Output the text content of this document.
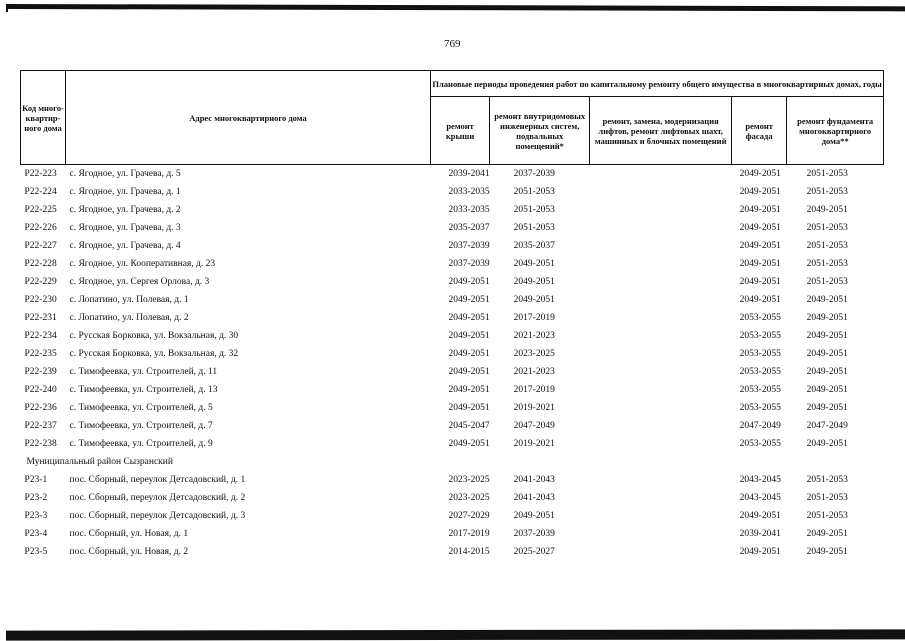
769
Код много-квартир-ного дома	Адрес многоквартирного дома	Плановые периоды проведения работ по капитальному ремонту общего имущества в многоквартирных домах, годы				
		ремонт крыши	ремонт внутридомовых инженерных систем, подвальных помещений*	ремонт, замена, модернизация лифтов, ремонт лифтовых шахт, машинных и блочных помещений	ремонт фасада	ремонт фундамента многоквартирного дома**
P22-223	с. Ягодное, ул. Грачева, д. 5	2039-2041	2037-2039		2049-2051	2051-2053
P22-224	с. Ягодное, ул. Грачева, д. 1	2033-2035	2051-2053		2049-2051	2051-2053
P22-225	с. Ягодное, ул. Грачева, д. 2	2033-2035	2051-2053		2049-2051	2049-2051
P22-226	с. Ягодное, ул. Грачева, д. 3	2035-2037	2051-2053		2049-2051	2051-2053
P22-227	с. Ягодное, ул. Грачева, д. 4	2037-2039	2035-2037		2049-2051	2051-2053
P22-228	с. Ягодное, ул. Кооперативная, д. 23	2037-2039	2049-2051		2049-2051	2051-2053
P22-229	с. Ягодное, ул. Сергея Орлова, д. 3	2049-2051	2049-2051		2049-2051	2051-2053
P22-230	с. Лопатино, ул. Полевая, д. 1	2049-2051	2049-2051		2049-2051	2049-2051
P22-231	с. Лопатино, ул. Полевая, д. 2	2049-2051	2017-2019		2053-2055	2049-2051
P22-234	с. Русская Борковка, ул. Вокзальная, д. 30	2049-2051	2021-2023		2053-2055	2049-2051
P22-235	с. Русская Борковка, ул. Вокзальная, д. 32	2049-2051	2023-2025		2053-2055	2049-2051
P22-239	с. Тимофеевка, ул. Строителей, д. 11	2049-2051	2021-2023		2053-2055	2049-2051
P22-240	с. Тимофеевка, ул. Строителей, д. 13	2049-2051	2017-2019		2053-2055	2049-2051
P22-236	с. Тимофеевка, ул. Строителей, д. 5	2049-2051	2019-2021		2053-2055	2049-2051
P22-237	с. Тимофеевка, ул. Строителей, д. 7	2045-2047	2047-2049		2047-2049	2047-2049
P22-238	с. Тимофеевка, ул. Строителей, д. 9	2049-2051	2019-2021		2053-2055	2049-2051
Муниципальный район Сызранский						
P23-1	пос. Сборный, переулок Детсадовский, д. 1	2023-2025	2041-2043		2043-2045	2051-2053
P23-2	пос. Сборный, переулок Детсадовский, д. 2	2023-2025	2041-2043		2043-2045	2051-2053
P23-3	пос. Сборный, переулок Детсадовский, д. 3	2027-2029	2049-2051		2049-2051	2051-2053
P23-4	пос. Сборный, ул. Новая, д. 1	2017-2019	2037-2039		2039-2041	2049-2051
P23-5	пос. Сборный, ул. Новая, д. 2	2014-2015	2025-2027		2049-2051	2049-2051
